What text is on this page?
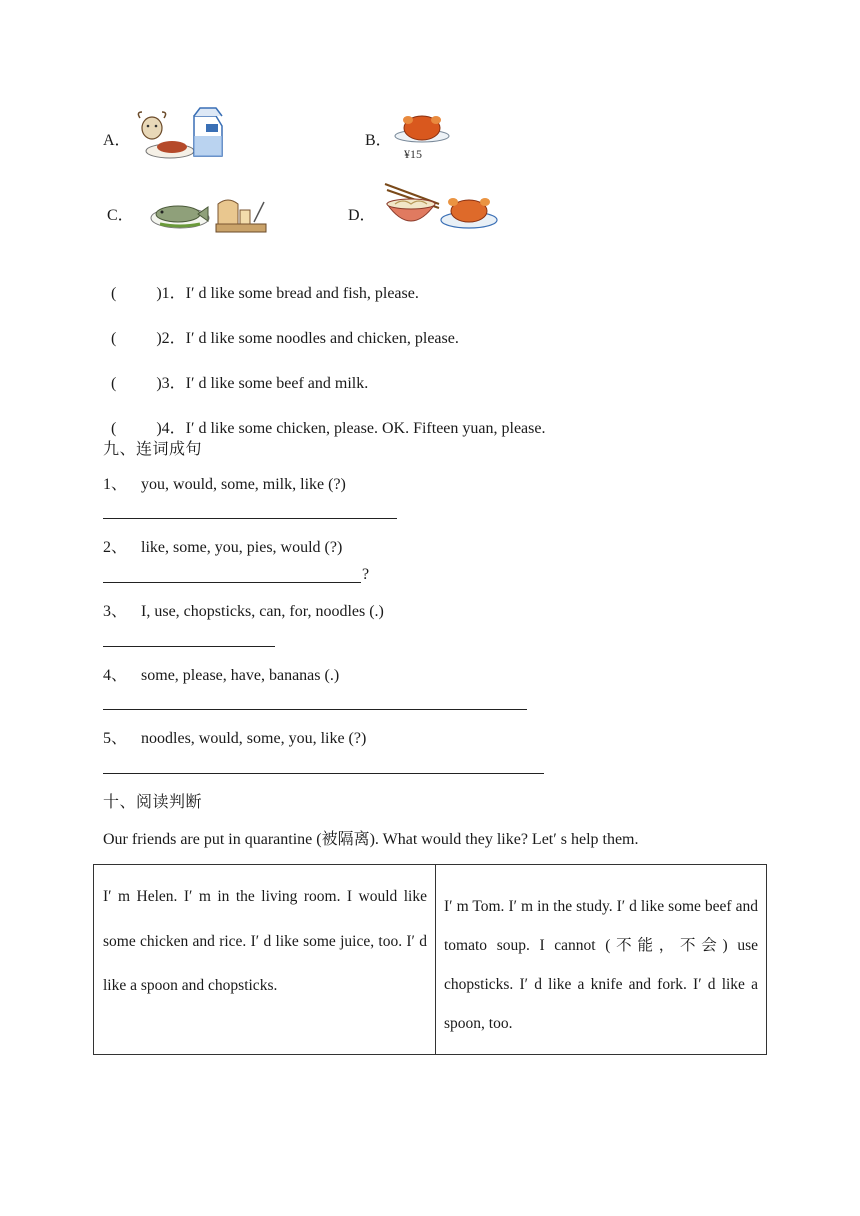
A．	B．
¥15
C．	D．

(          )1．I′ d like some bread and fish, please.

(          )2．I′ d like some noodles and chicken, please.

(          )3．I′ d like some beef and milk.

(          )4．I′ d like some chicken, please. OK. Fifteen yuan, please.

九、连词成句
1、 you, would, some, milk, like (?)
2、 like, some, you, pies, would (?)
?
3、 I, use, chopsticks, can, for, noodles (.)
4、 some, please, have, bananas (.)
5、 noodles, would, some, you, like (?)
十、阅读判断
Our friends are put in quarantine (被隔离). What would they like? Let′ s help them.
I′ m Helen. I′ m in the living room. I would like some chicken and rice. I′ d like some juice, too. I′ d like a spoon and chopsticks.	I′ m Tom. I′ m in the study. I′ d like some beef and tomato soup. I cannot (不能，不会) use chopsticks. I′ d like a knife and fork. I′ d like a spoon, too.
